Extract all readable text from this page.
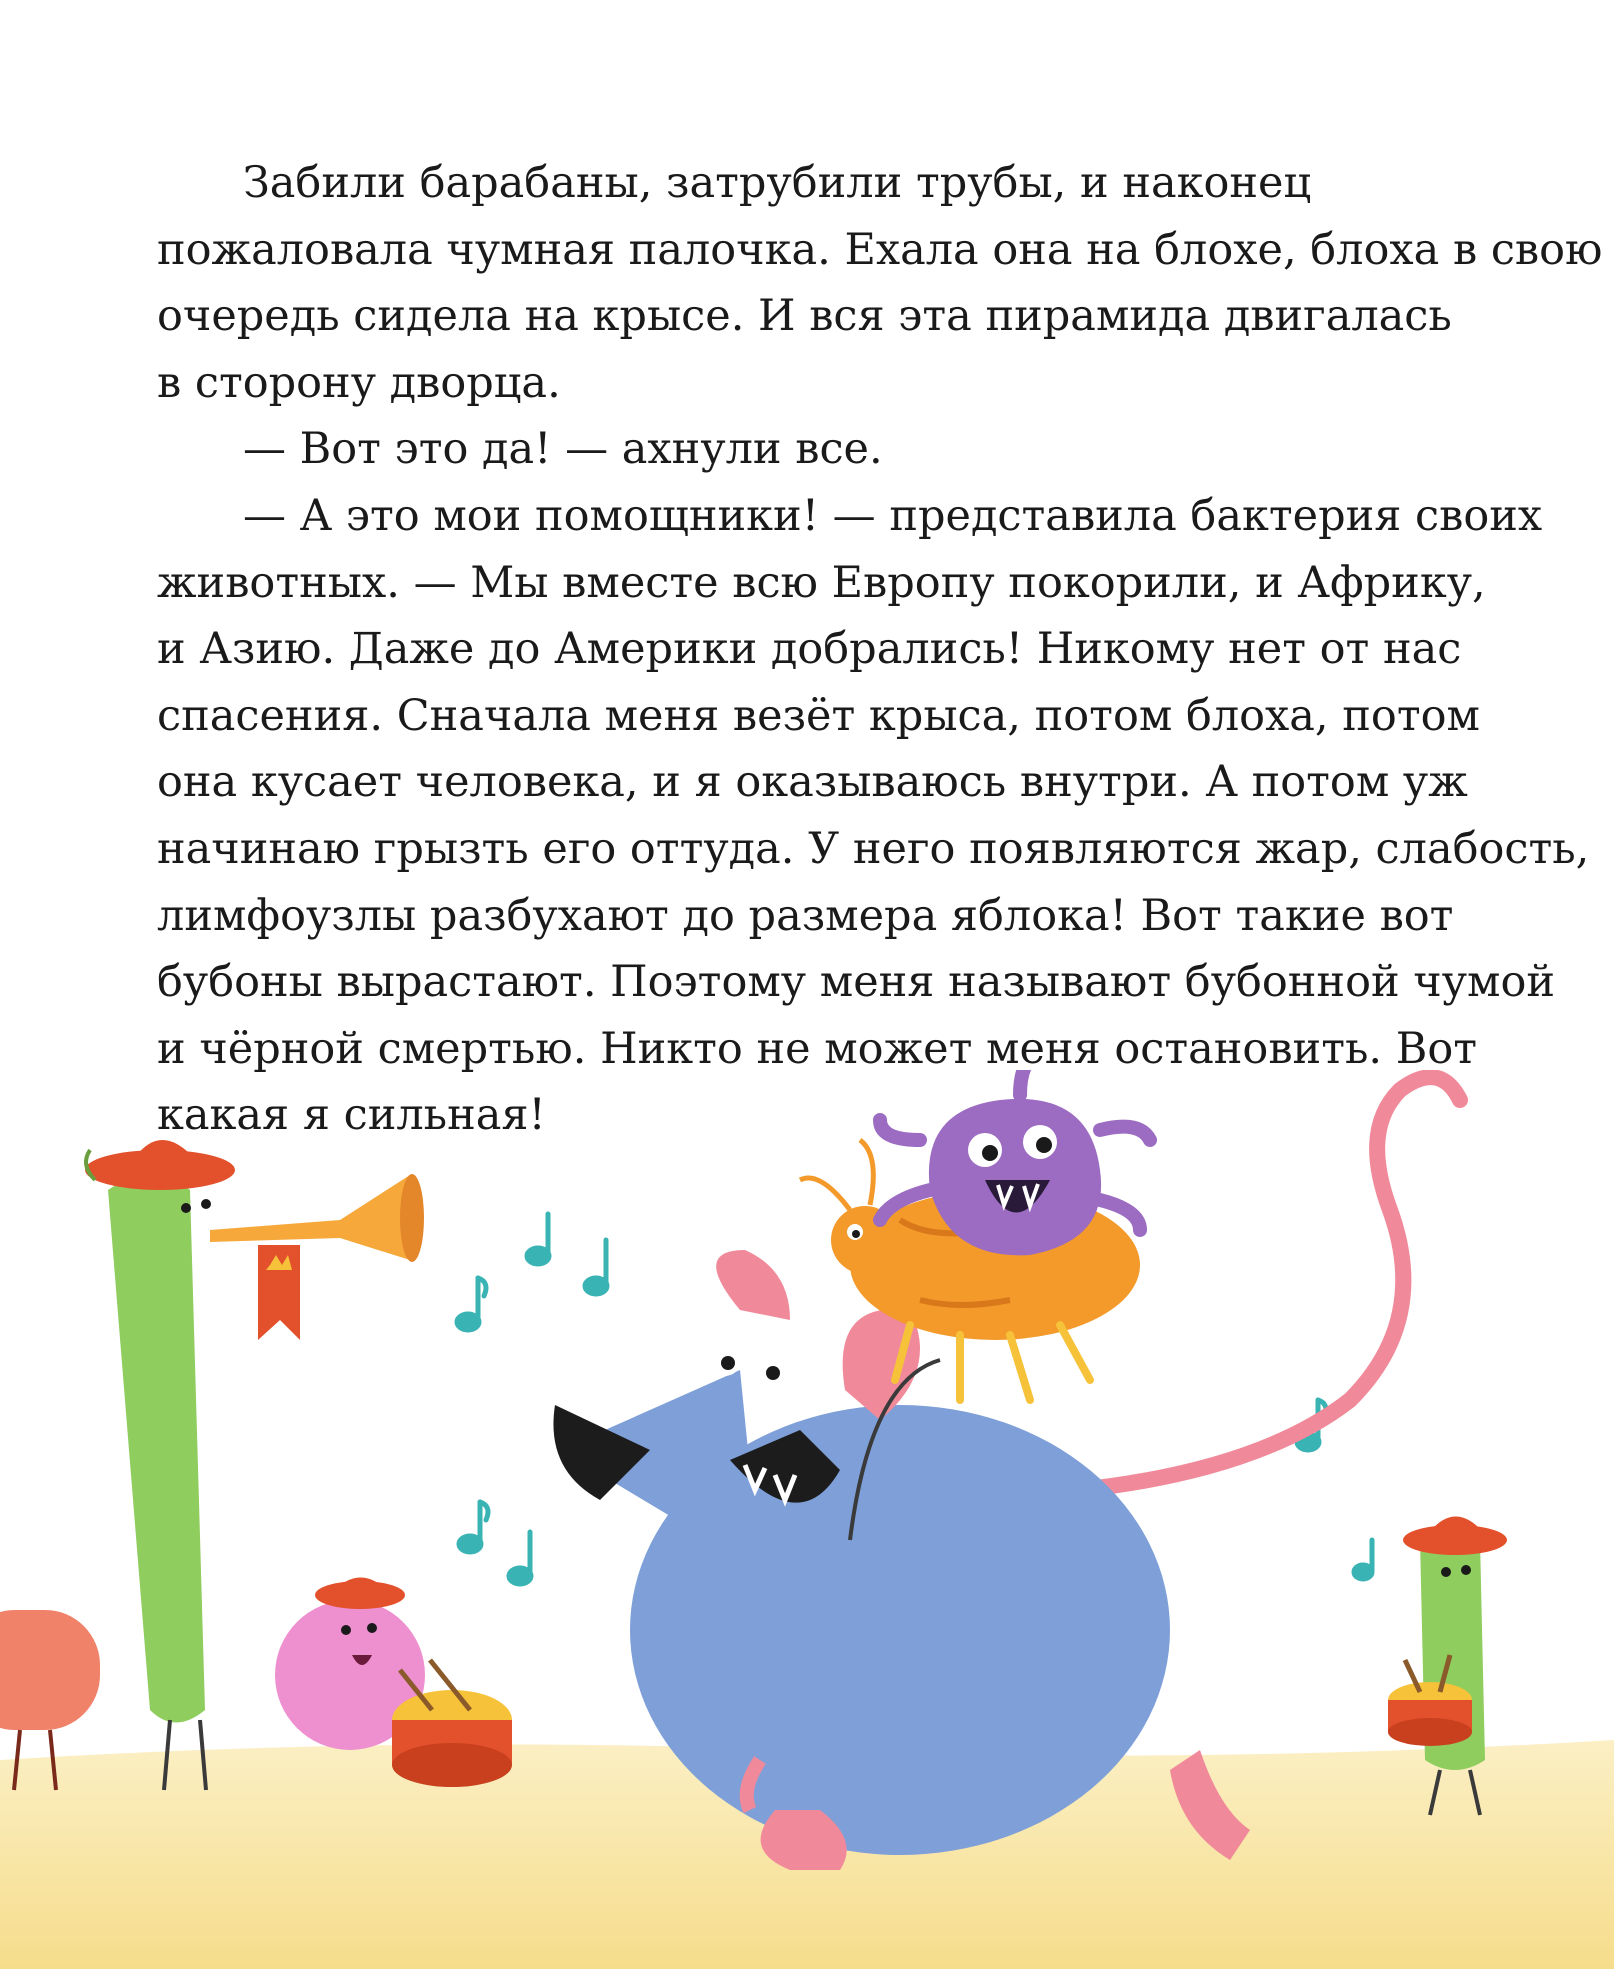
Забили барабаны, затрубили трубы, и наконец
пожаловала чумная палочка. Ехала она на блохе, блоха в свою
очередь сидела на крысе. И вся эта пирамида двигалась
в сторону дворца.
— Вот это да! — ахнули все.
— А это мои помощники! — представила бактерия своих
животных. — Мы вместе всю Европу покорили, и Африку,
и Азию. Даже до Америки добрались! Никому нет от нас
спасения. Сначала меня везёт крыса, потом блоха, потом
она кусает человека, и я оказываюсь внутри. А потом уж
начинаю грызть его оттуда. У него появляются жар, слабость,
лимфоузлы разбухают до размера яблока! Вот такие вот
бубоны вырастают. Поэтому меня называют бубонной чумой
и чёрной смертью. Никто не может меня остановить. Вот
какая я сильная!
